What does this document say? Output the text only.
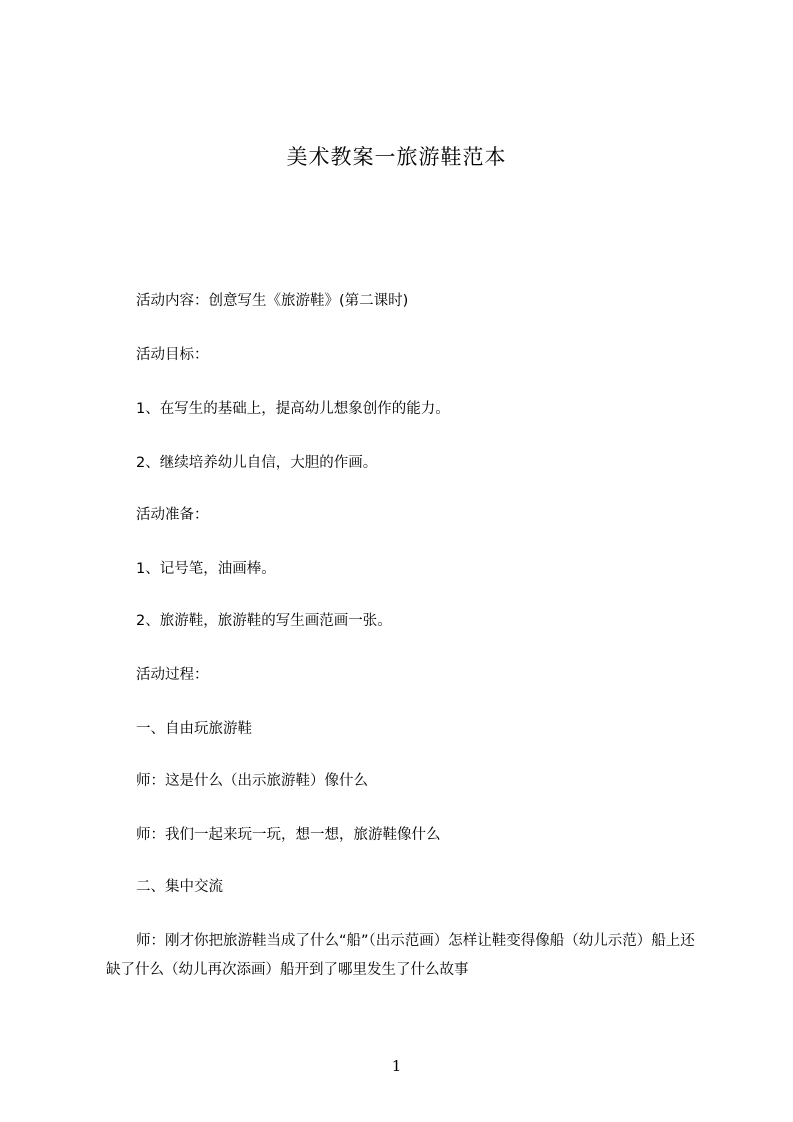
美术教案一旅游鞋范本
活动内容：创意写生《旅游鞋》(第二课时)
活动目标：
1、在写生的基础上，提高幼儿想象创作的能力。
2、继续培养幼儿自信，大胆的作画。
活动准备：
1、记号笔，油画棒。
2、旅游鞋，旅游鞋的写生画范画一张。
活动过程：
一、自由玩旅游鞋
师：这是什么（出示旅游鞋）像什么
师：我们一起来玩一玩，想一想，旅游鞋像什么
二、集中交流
师：刚才你把旅游鞋当成了什么“船”（出示范画）怎样让鞋变得像船（幼儿示范）船上还缺了什么（幼儿再次添画）船开到了哪里发生了什么故事
1
